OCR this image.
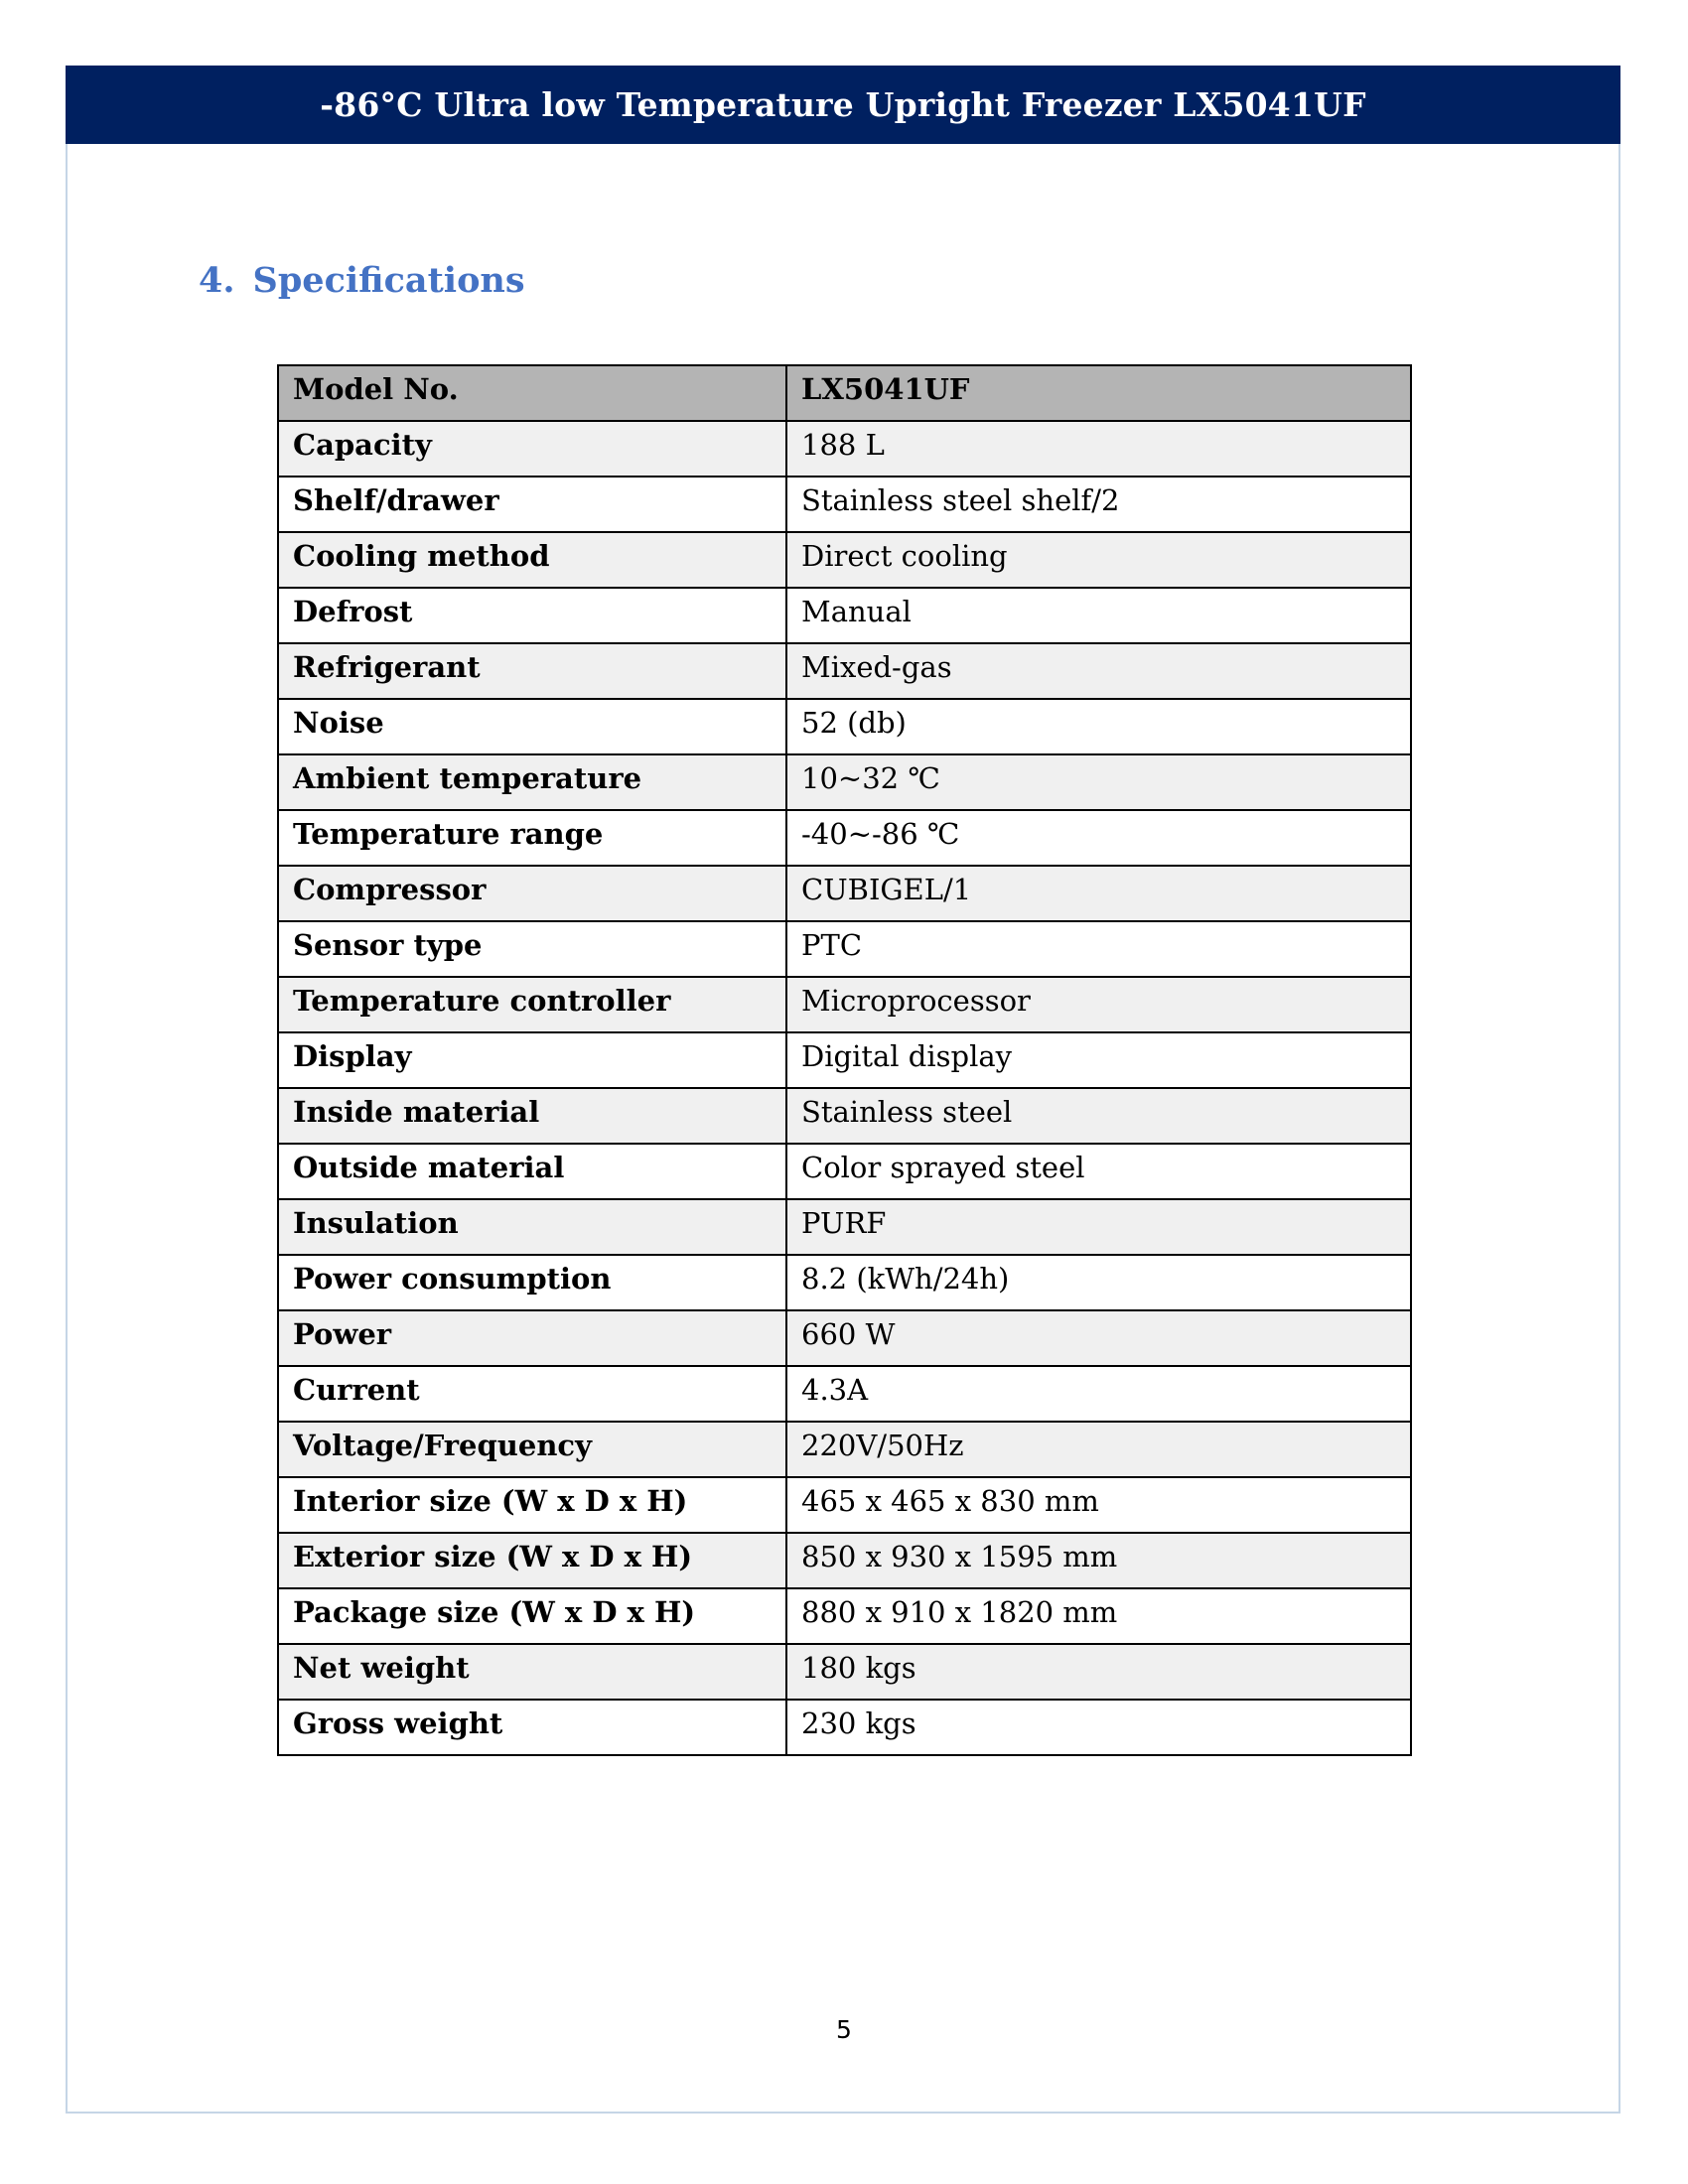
-86°C Ultra low Temperature Upright Freezer LX5041UF
4. Specifications
Model No.	LX5041UF
Capacity	188 L
Shelf/drawer	Stainless steel shelf/2
Cooling method	Direct cooling
Defrost	Manual
Refrigerant	Mixed-gas
Noise	52 (db)
Ambient temperature	10~32 ℃
Temperature range	-40~-86 ℃
Compressor	CUBIGEL/1
Sensor type	PTC
Temperature controller	Microprocessor
Display	Digital display
Inside material	Stainless steel
Outside material	Color sprayed steel
Insulation	PURF
Power consumption	8.2 (kWh/24h)
Power	660 W
Current	4.3A
Voltage/Frequency	220V/50Hz
Interior size (W x D x H)	465 x 465 x 830 mm
Exterior size (W x D x H)	850 x 930 x 1595 mm
Package size (W x D x H)	880 x 910 x 1820 mm
Net weight	180 kgs
Gross weight	230 kgs
5
